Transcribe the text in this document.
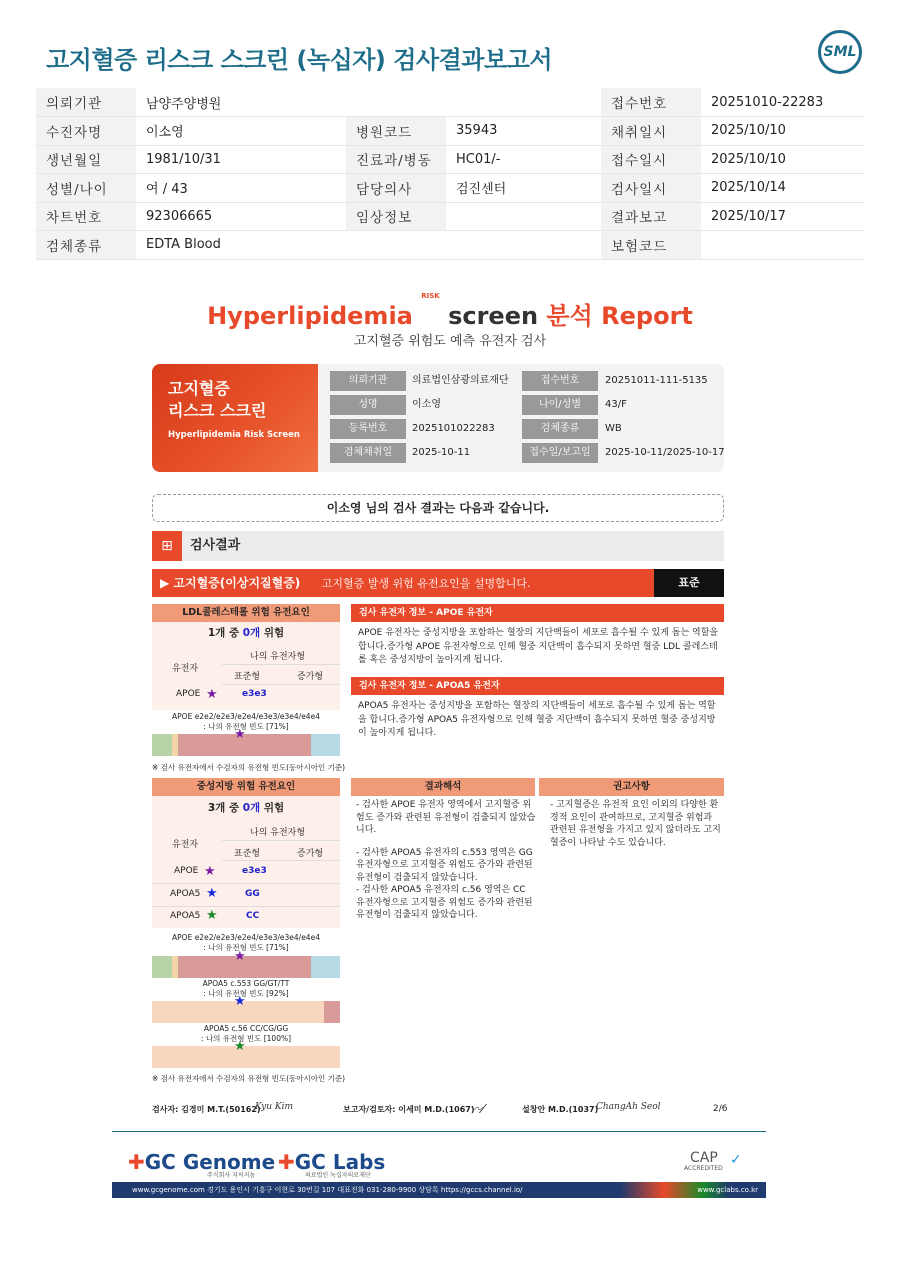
고지혈증 리스크 스크린 (녹십자) 검사결과보고서	SML
의뢰기관	남양주양병원			접수번호	20251010-22283
수진자명	이소영	병원코드	35943	채취일시	2025/10/10
생년월일	1981/10/31	진료과/병동	HC01/-	접수일시	2025/10/10
성별/나이	여 / 43	담당의사	검진센터	검사일시	2025/10/14
차트번호	92306665	임상정보		결과보고	2025/10/17
검체종류	EDTA Blood			보험코드	
Hyperlipidemia $^{RISK}$ screen 분석 Report
고지혈증 위험도 예측 유전자 검사
고지혈증
리스크 스크린
Hyperlipidemia Risk Screen
의뢰기관	의료법인삼광의료재단	접수번호	20251011-111-5135
성명	이소영	나이/성별	43/F
등록번호	2025101022283	검체종류	WB
검체채취일	2025-10-11	접수일/보고일	2025-10-11/2025-10-17
이소영 님의 검사 결과는 다음과 같습니다.
⊞	검사결과
▶ 고지혈증(이상지질혈증) 고지혈증 발생 위험 유전요인을 설명합니다.	표준
LDL콜레스테롤 위험 유전요인
1개 중 0개 위험
유전자
나의 유전자형
표준형	증가형
APOE ★	e3e3
APOE e2e2/e2e3/e2e4/e3e3/e3e4/e4e4
: 나의 유전형 빈도 [71%]
★
※ 검사 유전자에서 수검자의 유전형 빈도(동아시아인 기준)
검사 유전자 정보 - APOE 유전자
APOE 유전자는 중성지방을 포함하는 혈장의 지단백들이 세포로 흡수될 수 있게 돕는 역할을 합니다.증가형 APOE 유전자형으로 인해 혈중 지단백이 흡수되지 못하면 혈중 LDL 콜레스테롤 혹은 중성지방이 높아지게 됩니다.
검사 유전자 정보 - APOA5 유전자
APOA5 유전자는 중성지방을 포함하는 혈장의 지단백들이 세포로 흡수될 수 있게 돕는 역할을 합니다.증가형 APOA5 유전자형으로 인해 혈중 지단백이 흡수되지 못하면 혈중 중성지방이 높아지게 됩니다.
중성지방 위험 유전요인
3개 중 0개 위험
유전자
나의 유전자형
표준형	증가형
APOE ★	e3e3
APOA5 ★	GG
APOA5 ★	CC
APOE e2e2/e2e3/e2e4/e3e3/e3e4/e4e4
: 나의 유전형 빈도 [71%]
★
APOA5 c.553 GG/GT/TT
: 나의 유전형 빈도 [92%]
★
APOA5 c.56 CC/CG/GG
: 나의 유전형 빈도 [100%]
★
※ 검사 유전자에서 수검자의 유전형 빈도(동아시아인 기준)
결과해석	권고사항
- 검사한 APOE 유전자 영역에서 고지혈증 위험도 증가와 관련된 유전형이 검출되지 않았습니다.
- 검사한 APOA5 유전자의 c.553 영역은 GG 유전자형으로 고지혈증 위험도 증가와 관련된 유전형이 검출되지 않았습니다.
- 검사한 APOA5 유전자의 c.56 영역은 CC 유전자형으로 고지혈증 위험도 증가와 관련된 유전형이 검출되지 않았습니다.
- 고지혈증은 유전적 요인 이외의 다양한 환경적 요인이 관여하므로, 고지혈증 위험과 관련된 유전형을 가지고 있지 않더라도 고지혈증이 나타날 수도 있습니다.
검사자: 김경미 M.T.(50162)
Kyu Kim	보고자/검토자: 이세미 M.D.(1067)
〰⁄	설창안 M.D.(1037)
ChangAh Seol	2/6
✚GC Genome
주식회사 지씨지놈
✚GC Labs
의료법인 녹십자의료재단
CAP
ACCREDITED
✓
www.gcgenome.com 경기도 용인시 기흥구 이현로 30번길 107 대표전화 031-280-9900 상담톡 https://gccs.channel.io/	www.gclabs.co.kr
